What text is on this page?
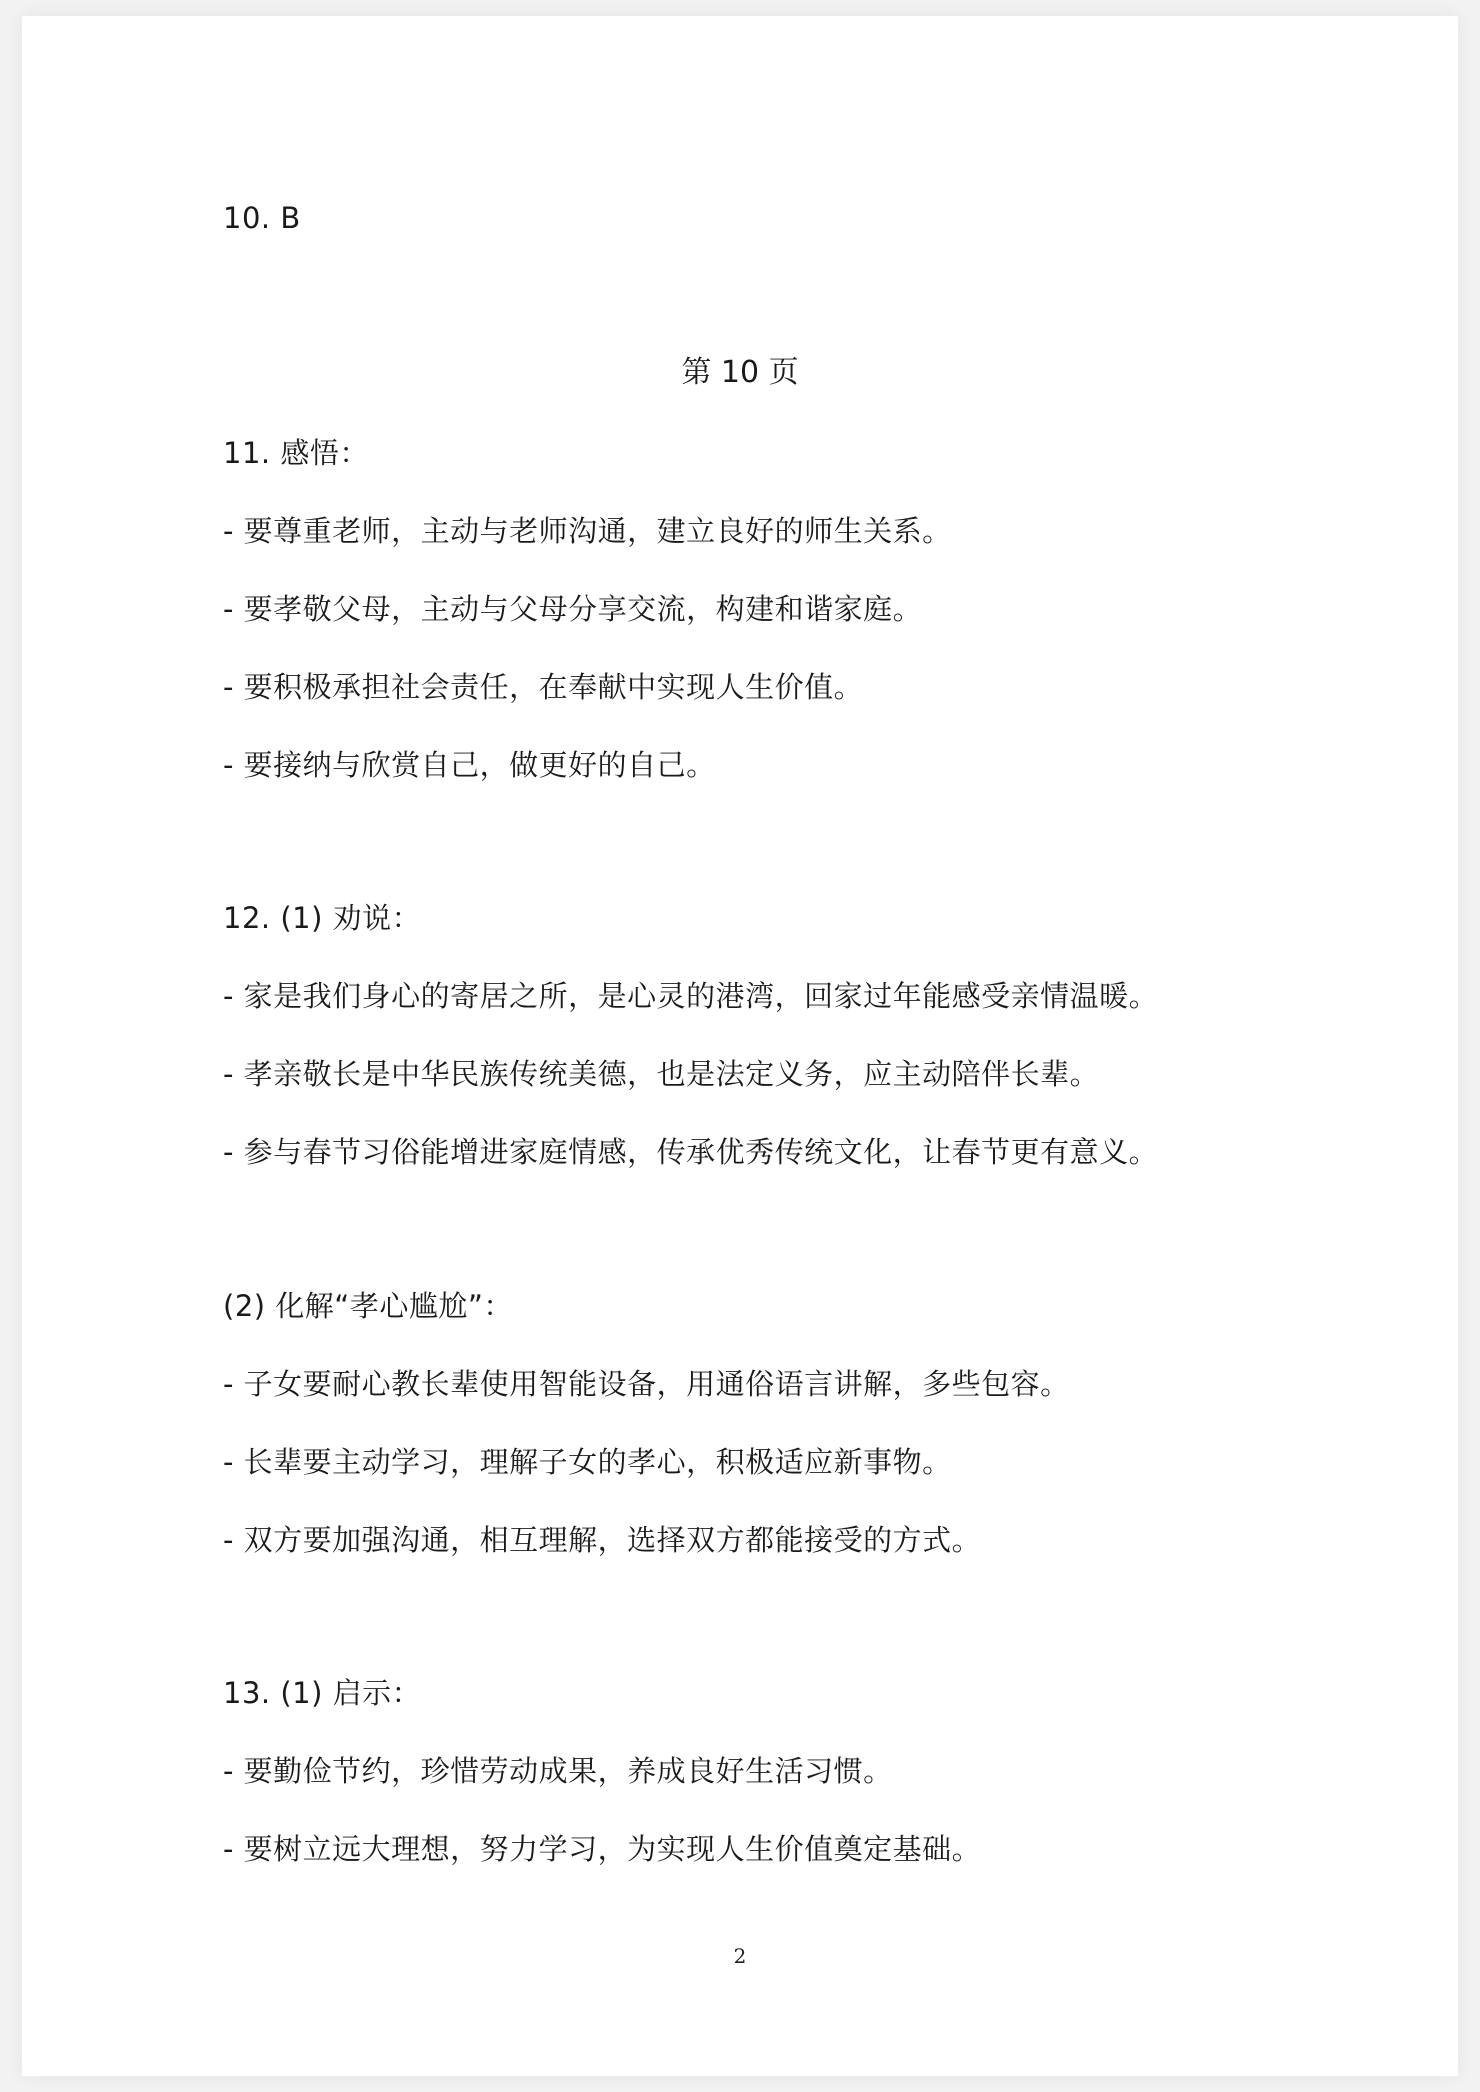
10. B
第 10 页
11. 感悟：
- 要尊重老师，主动与老师沟通，建立良好的师生关系。
- 要孝敬父母，主动与父母分享交流，构建和谐家庭。
- 要积极承担社会责任，在奉献中实现人生价值。
- 要接纳与欣赏自己，做更好的自己。
12. (1) 劝说：
- 家是我们身心的寄居之所，是心灵的港湾，回家过年能感受亲情温暖。
- 孝亲敬长是中华民族传统美德，也是法定义务，应主动陪伴长辈。
- 参与春节习俗能增进家庭情感，传承优秀传统文化，让春节更有意义。
(2) 化解“孝心尴尬”：
- 子女要耐心教长辈使用智能设备，用通俗语言讲解，多些包容。
- 长辈要主动学习，理解子女的孝心，积极适应新事物。
- 双方要加强沟通，相互理解，选择双方都能接受的方式。
13. (1) 启示：
- 要勤俭节约，珍惜劳动成果，养成良好生活习惯。
- 要树立远大理想，努力学习，为实现人生价值奠定基础。
2
